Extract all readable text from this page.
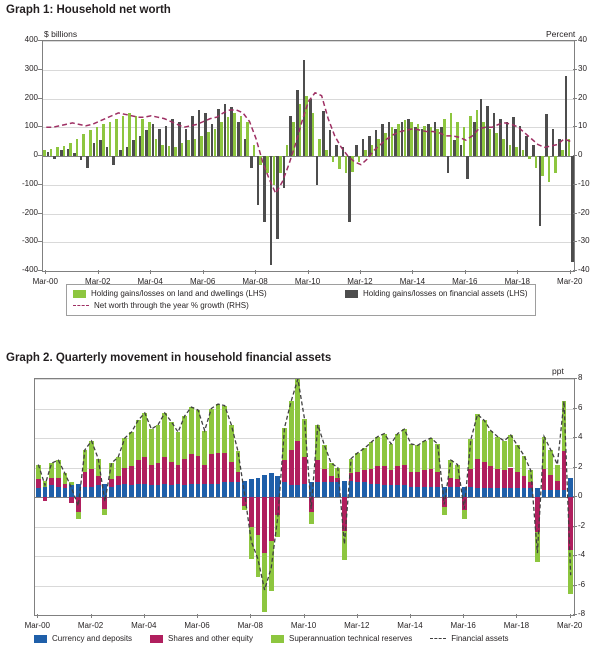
Graph 1: Household net worth
$ billions	Percent
-400	-40
-300	-30
-200	-20
-100	-10
0	0
100	10
200	20
300	30
400	40
Mar-00	Mar-02	Mar-04	Mar-06	Mar-08	Mar-10	Mar-12	Mar-14	Mar-16	Mar-18	Mar-20
Holding gains/losses on land and dwellings (LHS)
Net worth through the year % growth (RHS)
Holding gains/losses on financial assets (LHS)
Graph 2. Quarterly movement in household financial assets
ppt
-8
-6
-4
-2
0
2
4
6
8
Mar-00	Mar-02	Mar-04	Mar-06	Mar-08	Mar-10	Mar-12	Mar-14	Mar-16	Mar-18	Mar-20
Currency and deposits	Shares and other equity	Superannuation technical reserves	Financial assets
